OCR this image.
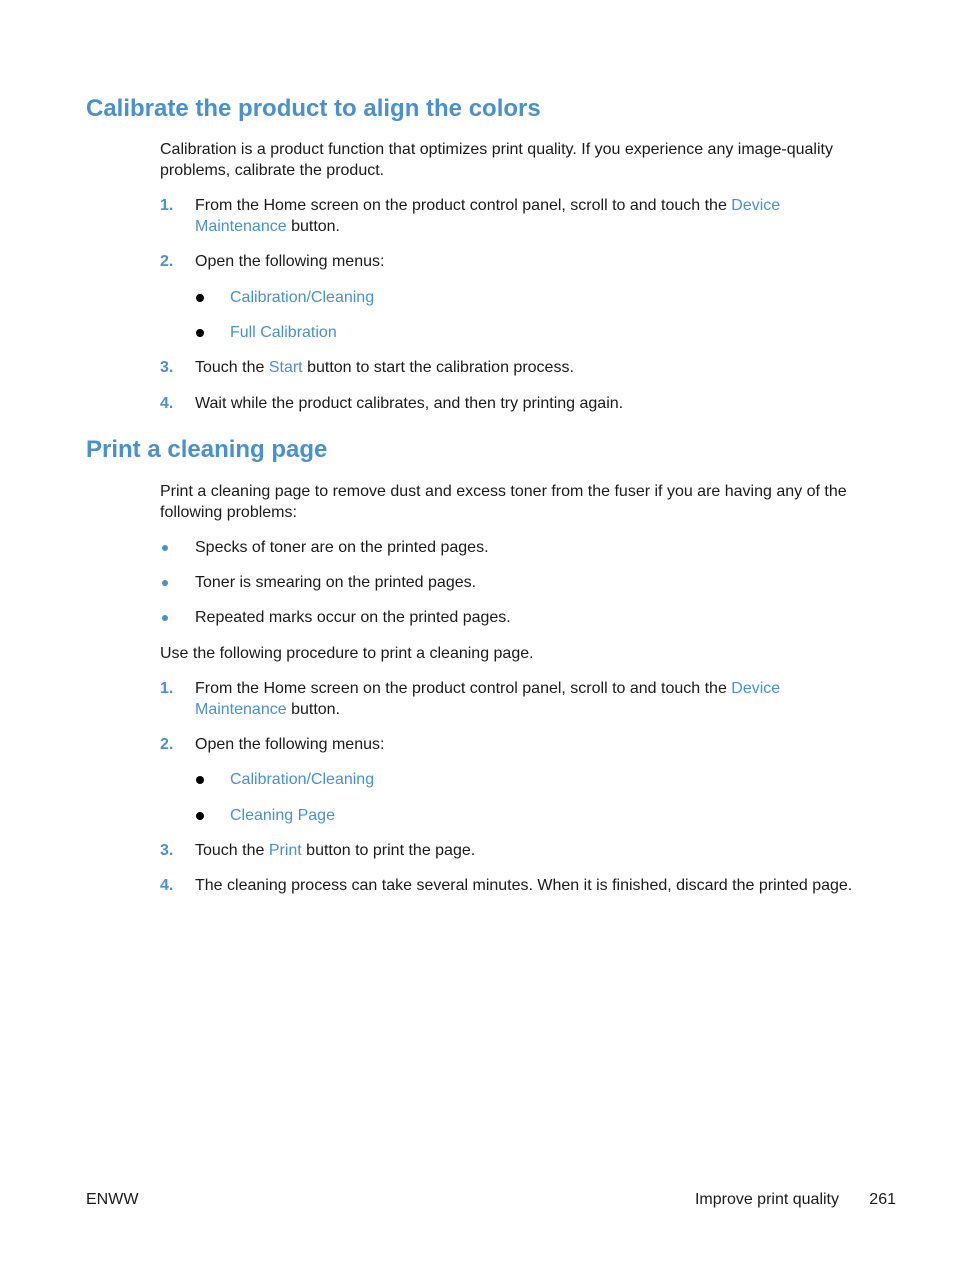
Calibrate the product to align the colors
Calibration is a product function that optimizes print quality. If you experience any image-quality problems, calibrate the product.
1.	From the Home screen on the product control panel, scroll to and touch the Device Maintenance button.
2.	Open the following menus:
Calibration/Cleaning
Full Calibration
3.	Touch the Start button to start the calibration process.
4.	Wait while the product calibrates, and then try printing again.
Print a cleaning page
Print a cleaning page to remove dust and excess toner from the fuser if you are having any of the following problems:
Specks of toner are on the printed pages.
Toner is smearing on the printed pages.
Repeated marks occur on the printed pages.
Use the following procedure to print a cleaning page.
1.	From the Home screen on the product control panel, scroll to and touch the Device Maintenance button.
2.	Open the following menus:
Calibration/Cleaning
Cleaning Page
3.	Touch the Print button to print the page.
4.	The cleaning process can take several minutes. When it is finished, discard the printed page.
ENWW	Improve print quality 261
